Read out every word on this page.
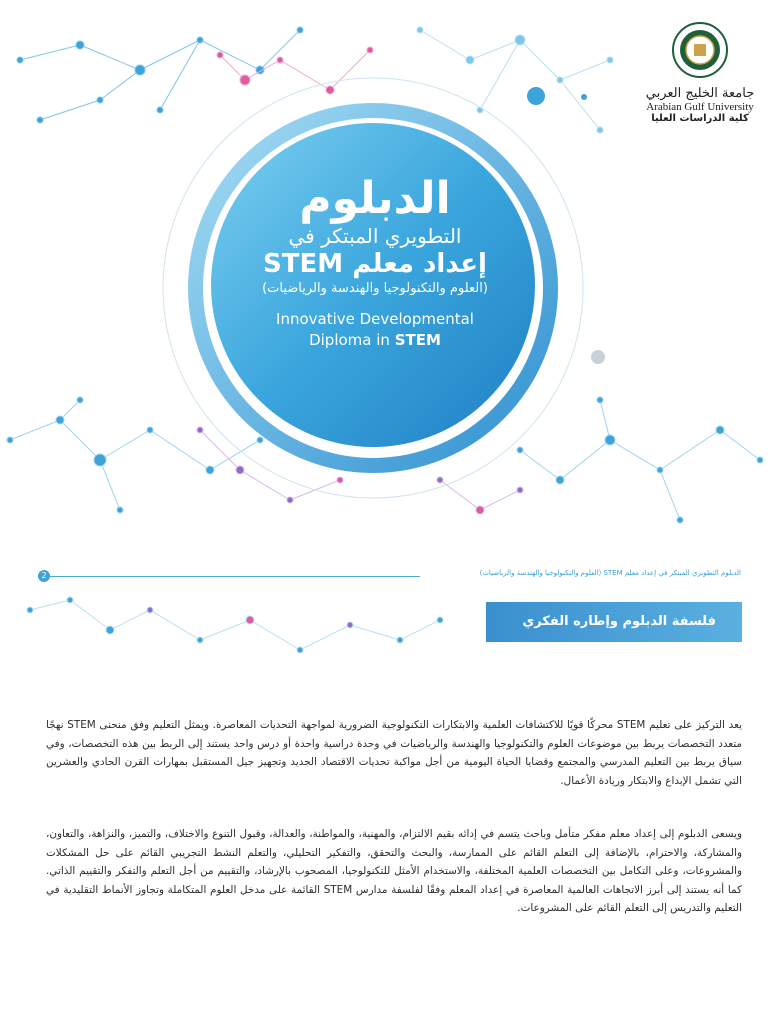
جامعة الخليج العربي
Arabian Gulf University
كلية الدراسات العليا
الدبلوم
التطويري المبتكر في
إعداد معلم STEM
(العلوم والتكنولوجيا والهندسة والرياضيات)
Innovative Developmental
Diploma in STEM
2	الدبلوم التطويري المبتكر في إعداد معلم STEM (العلوم والتكنولوجيا والهندسة والرياضيات)
فلسفة الدبلوم وإطاره الفكري
يعد التركيز على تعليم STEM محركًا قويًا للاكتشافات العلمية والابتكارات التكنولوجية الضرورية لمواجهة التحديات المعاصرة. ويمثل التعليم وفق منحنى STEM نهجًا متعدد التخصصات يربط بين موضوعات العلوم والتكنولوجيا والهندسة والرياضيات في وحدة دراسية واحدة أو درس واحد يستند إلى الربط بين هذه التخصصات، وفي سياق يربط بين التعليم المدرسي والمجتمع وقضايا الحياة اليومية من أجل مواكبة تحديات الاقتصاد الجديد وتجهيز جيل المستقبل بمهارات القرن الحادي والعشرين التي تشمل الإبداع والابتكار وريادة الأعمال.
ويسعى الدبلوم إلى إعداد معلم مفكر متأمل وباحث يتسم في إدائه بقيم الالتزام، والمهنية، والمواطنة، والعدالة، وقبول التنوع والاختلاف، والتميز، والنزاهة، والتعاون، والمشاركة، والاحترام، بالإضافة إلى التعلم القائم على الممارسة، والبحث والتحقق، والتفكير التحليلي، والتعلم النشط التجريبي القائم على حل المشكلات والمشروعات، وعلى التكامل بين التخصصات العلمية المختلفة، والاستخدام الأمثل للتكنولوجيا، المصحوب بالإرشاد، والتقييم من أجل التعلم والتفكر والتقييم الذاتي. كما أنه يستند إلى أبرز الاتجاهات العالمية المعاصرة في إعداد المعلم وفقًا لفلسفة مدارس STEM القائمة على مدخل العلوم المتكاملة وتجاوز الأنماط التقليدية في التعليم والتدريس إلى التعلم القائم على المشروعات.
